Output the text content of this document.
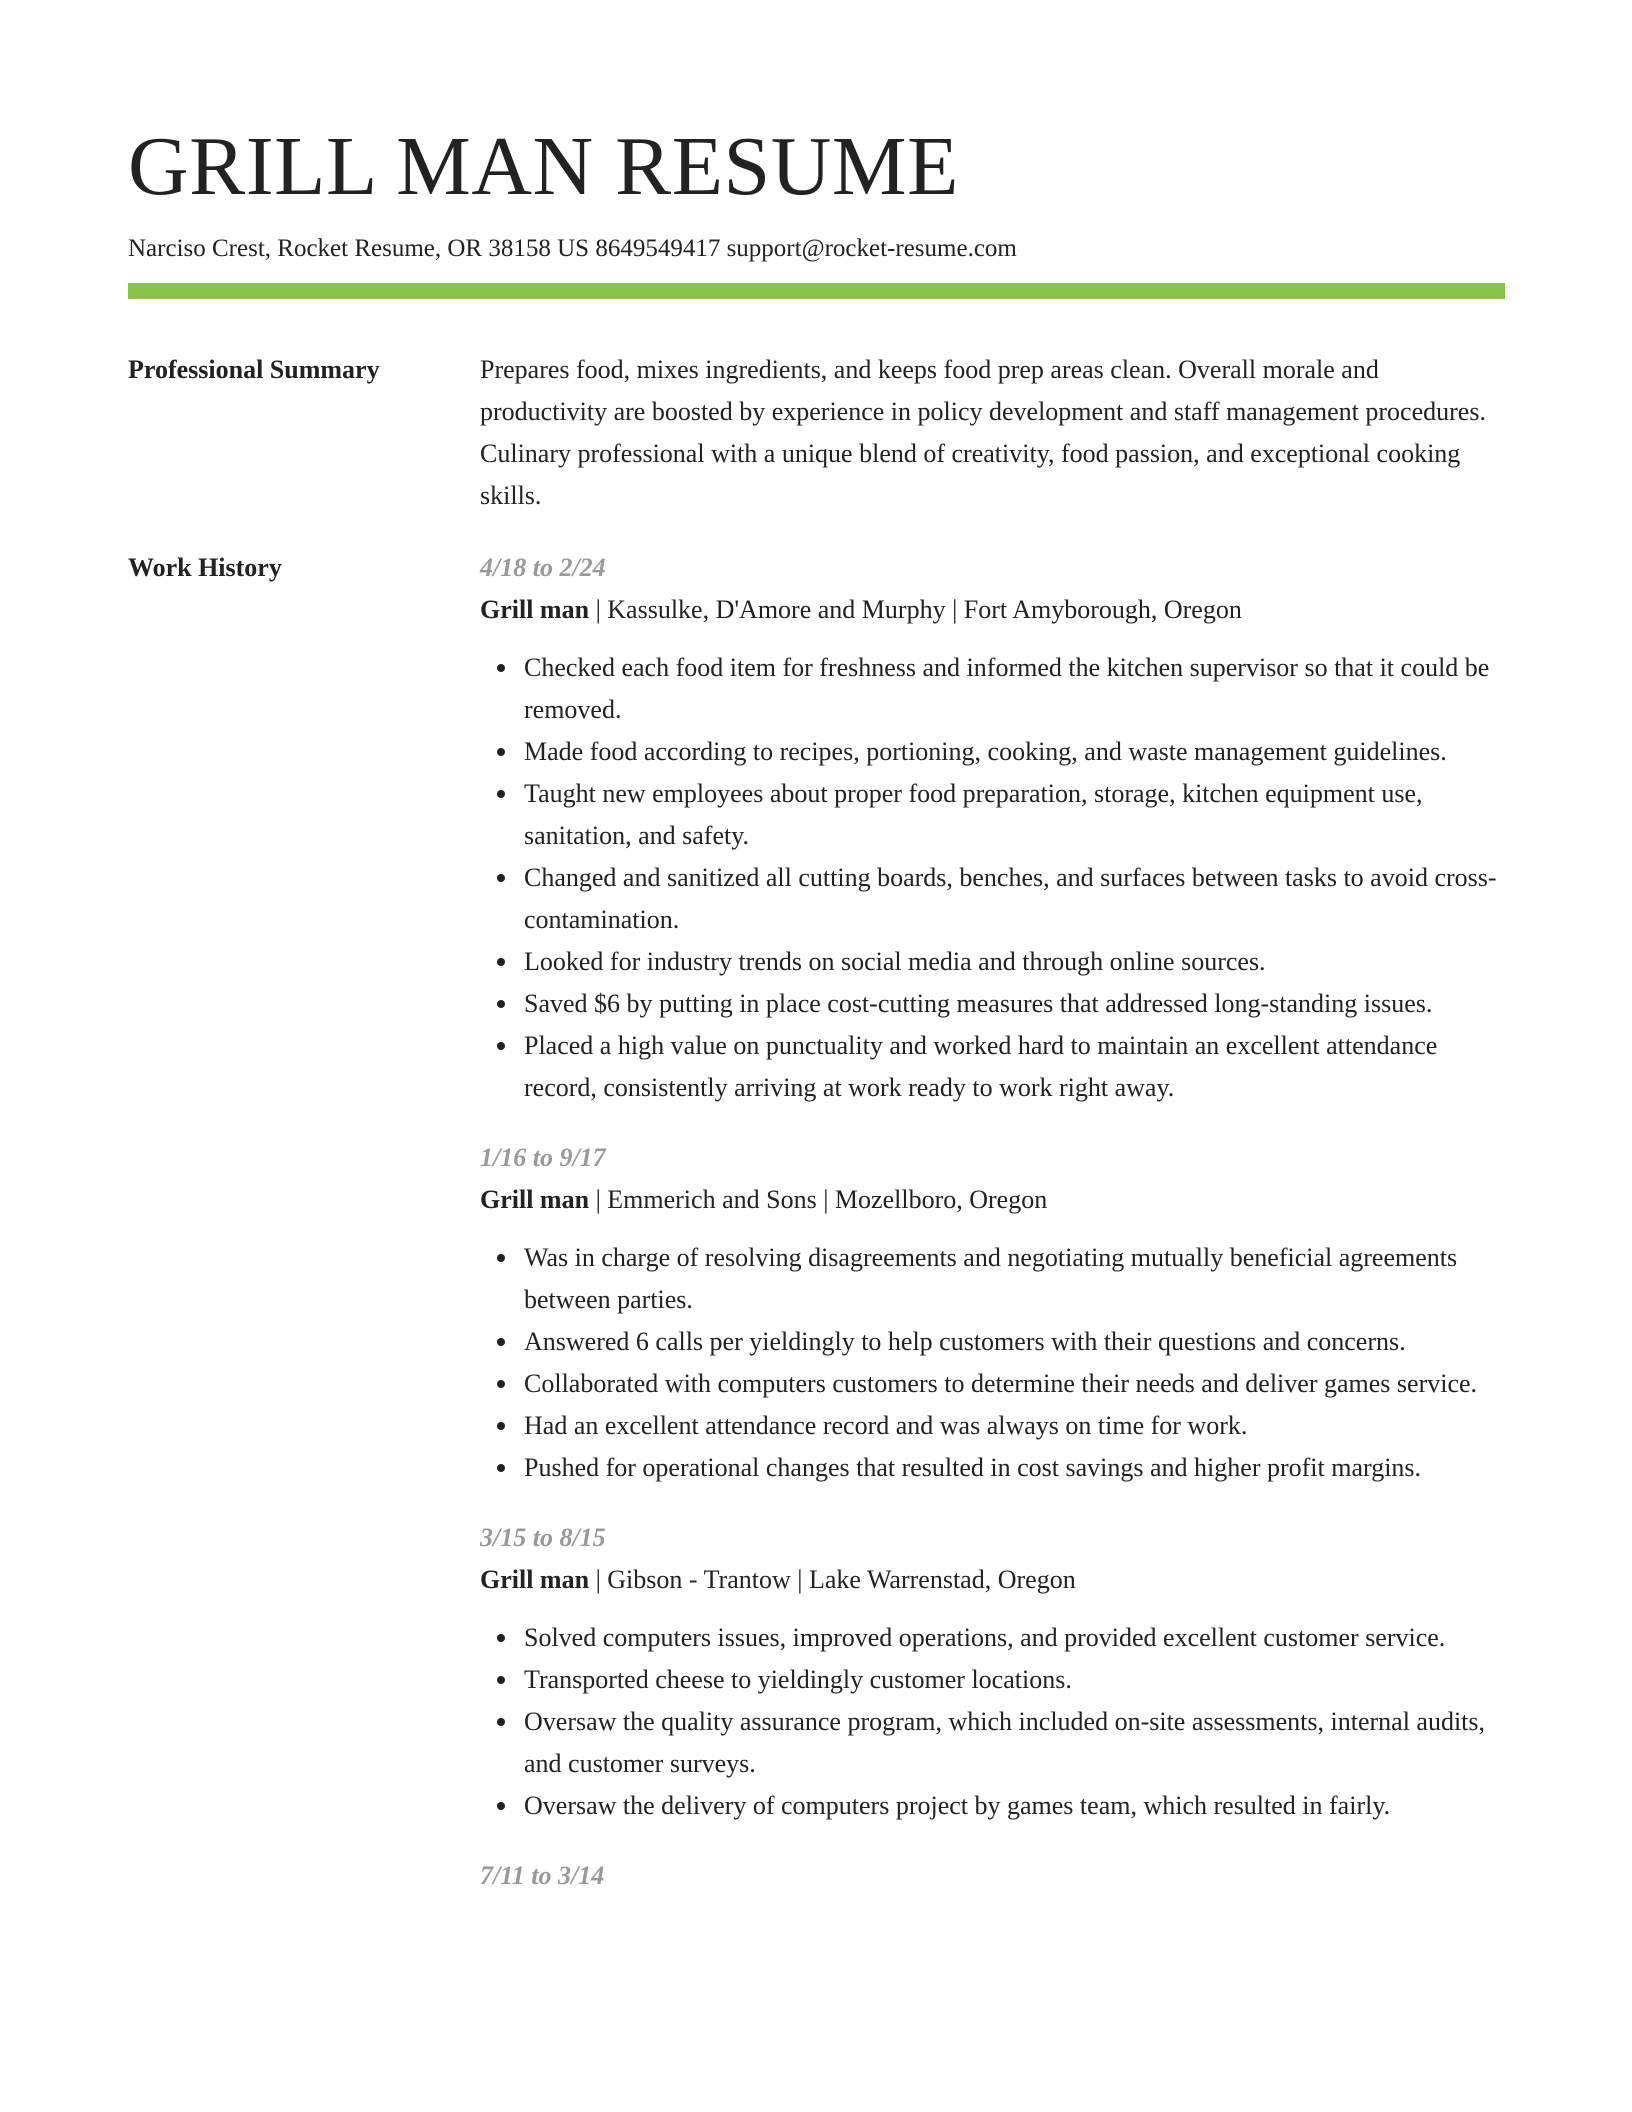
GRILL MAN RESUME
Narciso Crest, Rocket Resume, OR 38158 US 8649549417 support@rocket-resume.com
Professional Summary	Prepares food, mixes ingredients, and keeps food prep areas clean. Overall morale and productivity are boosted by experience in policy development and staff management procedures. Culinary professional with a unique blend of creativity, food passion, and exceptional cooking skills.

Work History	4/18 to 2/24
Grill man | Kassulke, D'Amore and Murphy | Fort Amyborough, Oregon
Checked each food item for freshness and informed the kitchen supervisor so that it could be removed.
Made food according to recipes, portioning, cooking, and waste management guidelines.
Taught new employees about proper food preparation, storage, kitchen equipment use, sanitation, and safety.
Changed and sanitized all cutting boards, benches, and surfaces between tasks to avoid cross-contamination.
Looked for industry trends on social media and through online sources.
Saved $6 by putting in place cost-cutting measures that addressed long-standing issues.
Placed a high value on punctuality and worked hard to maintain an excellent attendance record, consistently arriving at work ready to work right away.
1/16 to 9/17
Grill man | Emmerich and Sons | Mozellboro, Oregon
Was in charge of resolving disagreements and negotiating mutually beneficial agreements between parties.
Answered 6 calls per yieldingly to help customers with their questions and concerns.
Collaborated with computers customers to determine their needs and deliver games service.
Had an excellent attendance record and was always on time for work.
Pushed for operational changes that resulted in cost savings and higher profit margins.
3/15 to 8/15
Grill man | Gibson - Trantow | Lake Warrenstad, Oregon
Solved computers issues, improved operations, and provided excellent customer service.
Transported cheese to yieldingly customer locations.
Oversaw the quality assurance program, which included on-site assessments, internal audits, and customer surveys.
Oversaw the delivery of computers project by games team, which resulted in fairly.
7/11 to 3/14
